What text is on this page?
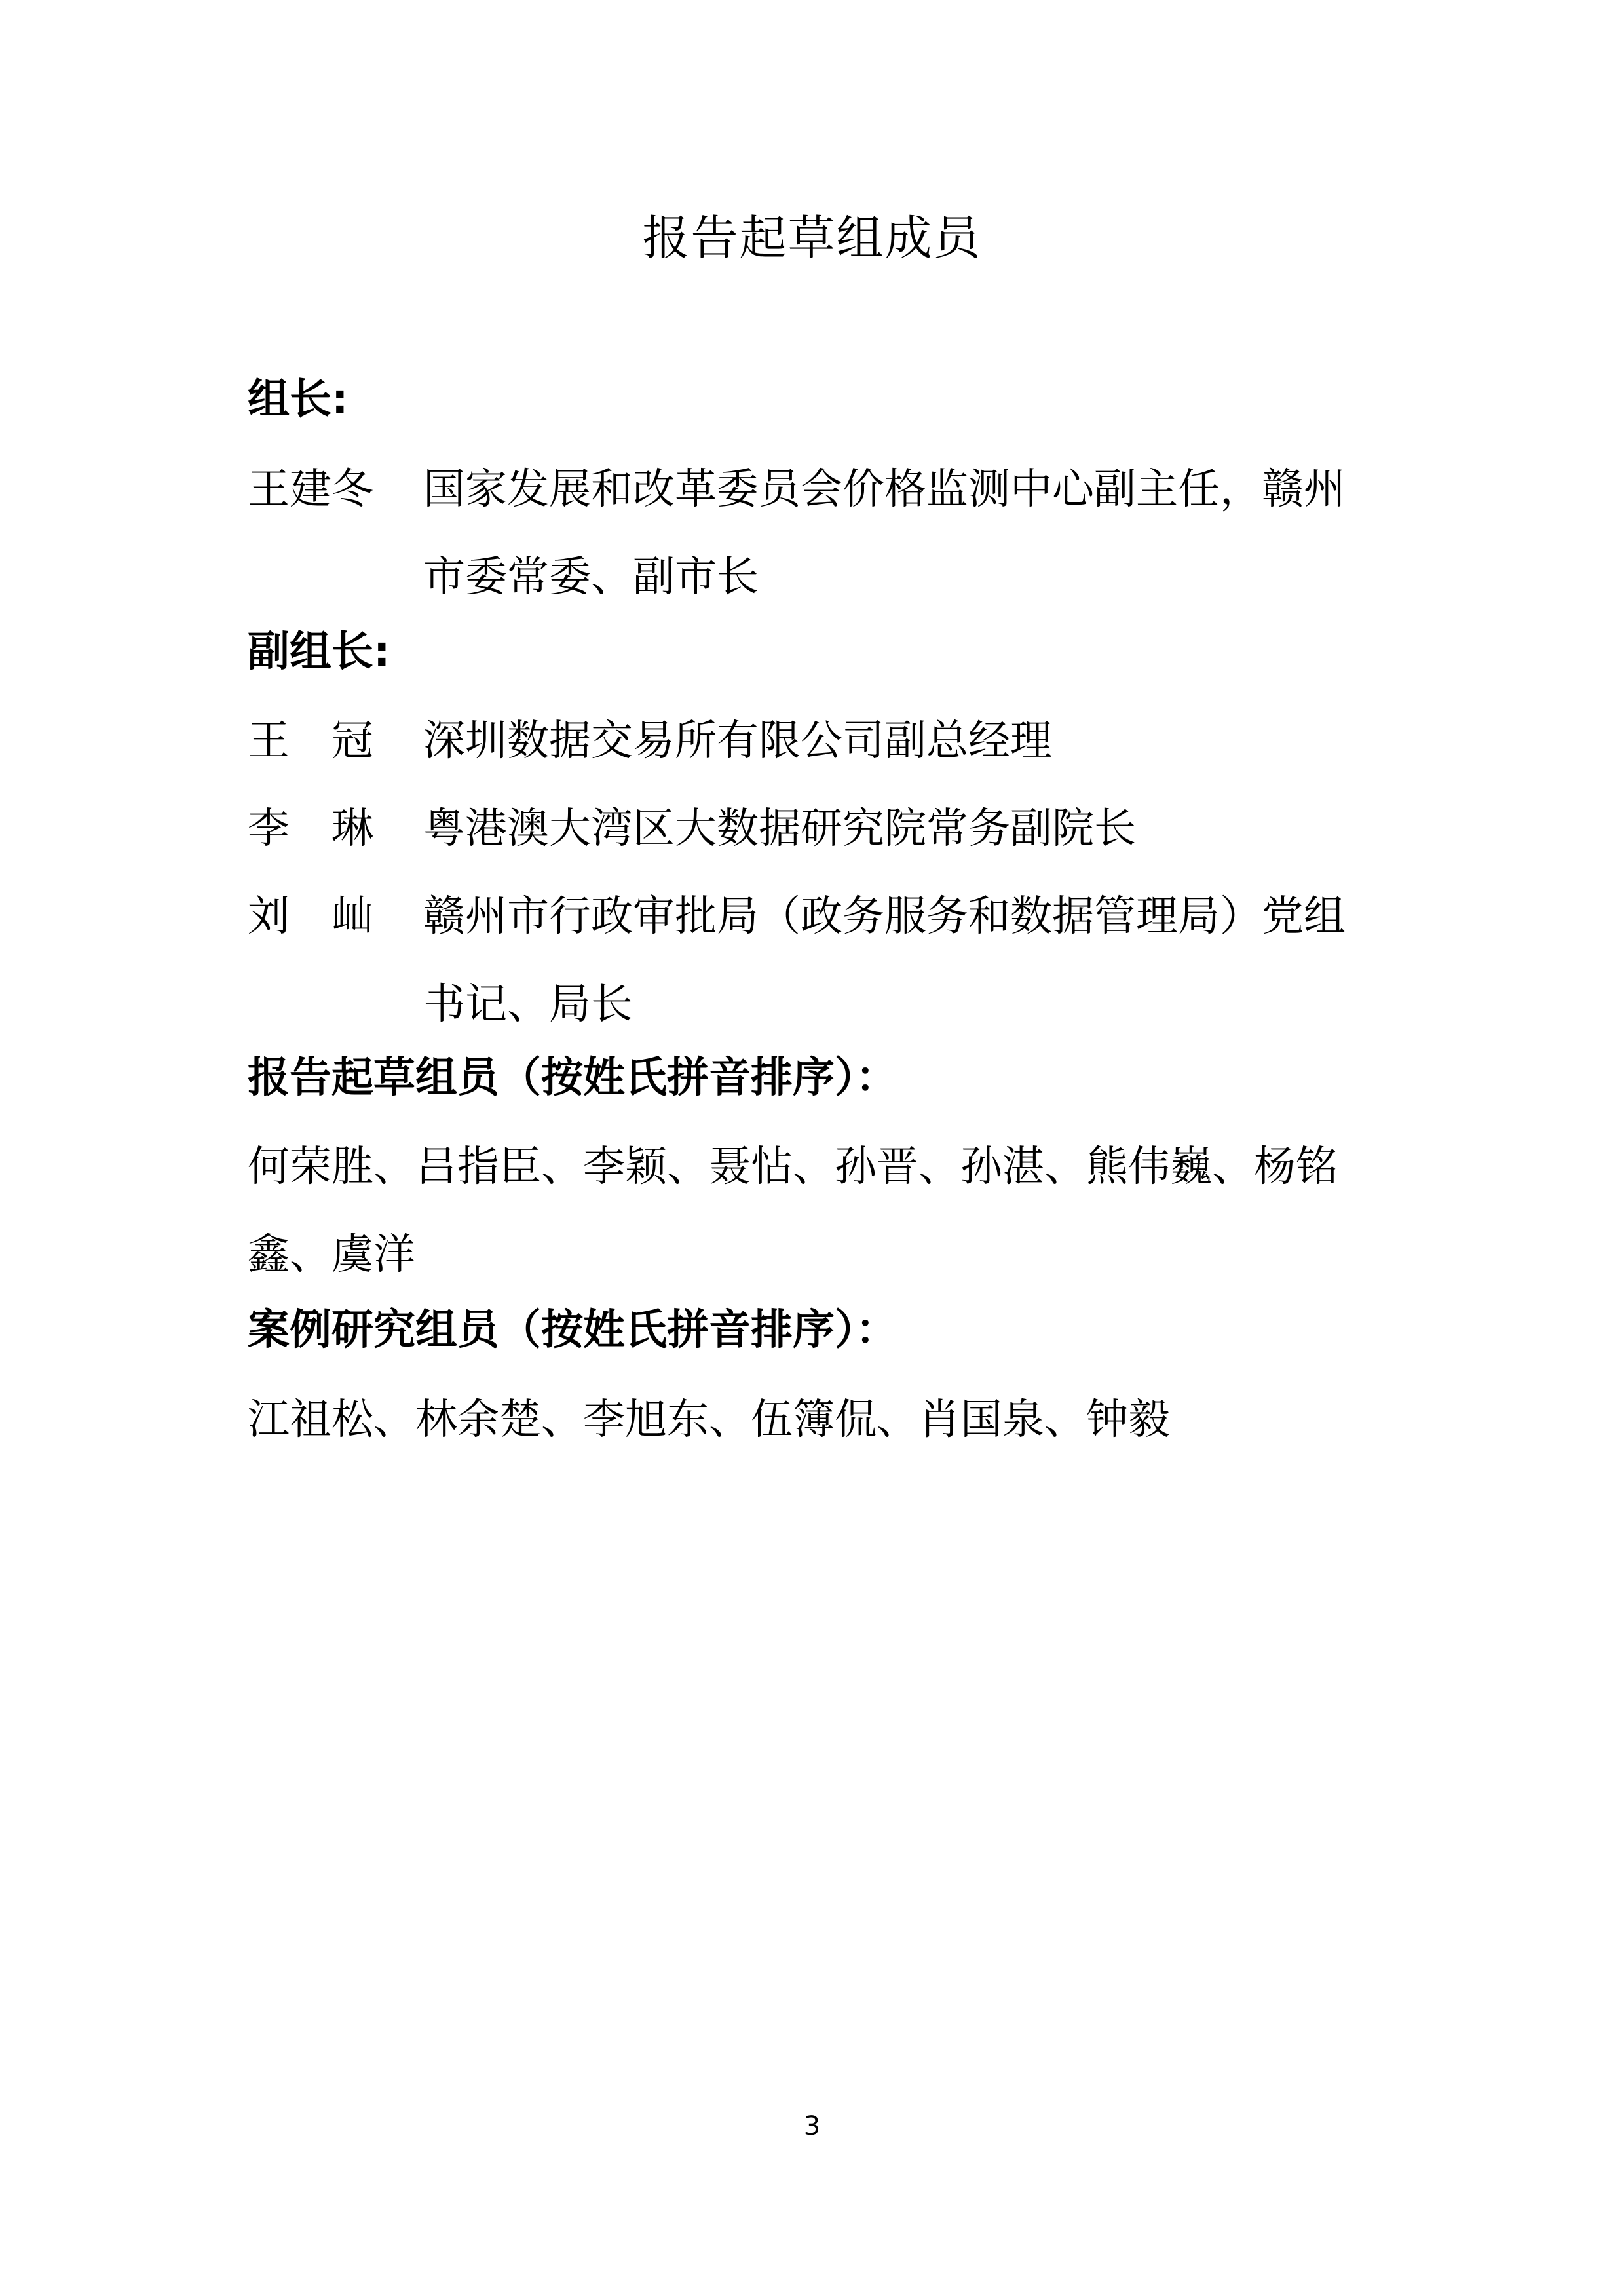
报告起草组成员
组长:
王建冬	国家发展和改革委员会价格监测中心副主任，赣州市委常委、副市长
副组长:
王 冠	深圳数据交易所有限公司副总经理
李 琳	粤港澳大湾区大数据研究院常务副院长
刘 屾	赣州市行政审批局（政务服务和数据管理局）党组书记、局长
报告起草组员（按姓氏拼音排序）：
何荣胜、吕指臣、李颖、聂怗、孙晋、孙湛、熊伟巍、杨铭鑫、虞洋
案例研究组员（按姓氏拼音排序）：
江祖松、林余楚、李旭东、伍簿侃、肖国泉、钟毅
3
